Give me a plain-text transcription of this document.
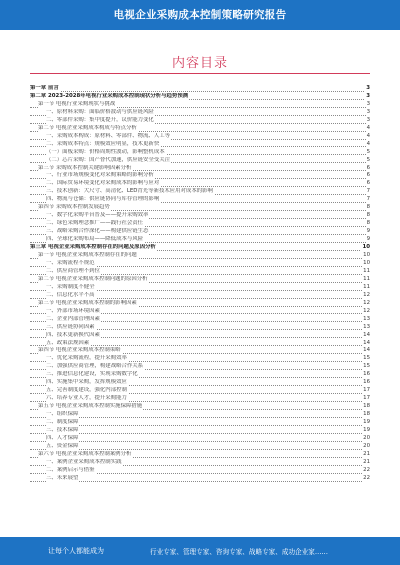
电视企业采购成本控制策略研究报告
内容目录
第一章 前言	3
第二章 2023-2028年电视行业采购成本控制现状分析与趋势预测	3
第一节 电视行业采购现状与挑战	3
一、原材料采购：面临价格波动与供应链风险	3
二、零部件采购：集中度提升，议价能力变化	3
第二节 电视企业采购成本构成与特点分析	4
一、采购成本构成：原材料、零部件、物流、人工等	4
二、采购成本特点：规模效应明显，技术更新快	4
（一）面板采购：价格周期性波动，影响整机成本	5
（二）芯片采购：国产替代加速，供应链安全受关注	5
第三节 采购成本控制关键影响因素分析	6
一、行业市场规模变化对采购策略的影响分析	6
二、国际贸易环境变化对采购成本的影响与应对	6
三、技术创新：大尺寸、高清化、LED背光等新技术应用对成本的影响	7
四、物流与仓储：供应链协同与库存管理的影响	7
第四节 采购成本控制发展趋势	8
一、数字化采购平台普及——提升采购效率	8
二、绿色采购理念推广——践行社会责任	8
三、战略采购合作深化——构建供应链生态	9
四、全球化采购布局——降低成本与风险	9
第三章 电视企业采购成本控制存在的问题及原因分析	10
第一节 电视企业采购成本控制存在的问题	10
一、采购流程不规范	10
二、供应商管理不到位	11
第二节 电视企业采购成本控制问题的原因分析	11
一、采购制度不健全	11
二、信息化水平不高	12
第三节 电视企业采购成本控制的影响因素	12
一、外部市场环境因素	12
二、企业内部管理因素	13
三、供应链协同因素	13
四、技术更新换代因素	14
五、政策法规因素	14
第四节 电视企业采购成本控制策略	14
一、优化采购流程，提升采购效率	15
二、加强供应商管理，构建战略合作关系	15
三、推进信息化建设，实现采购数字化	16
四、实施集中采购，发挥规模效应	16
五、完善制度建设，强化内部控制	17
六、培养专业人才，提升采购能力	17
第五节 电视企业采购成本控制实施保障措施	18
一、组织保障	18
二、制度保障	19
三、技术保障	19
四、人才保障	20
五、资金保障	20
第六节 电视企业采购成本控制案例分析	21
一、案例企业采购成本控制实践	21
二、案例启示与借鉴	22
三、未来展望	22
让每个人都能成为	行业专家、管理专家、咨询专家、战略专家、成功企业家……
